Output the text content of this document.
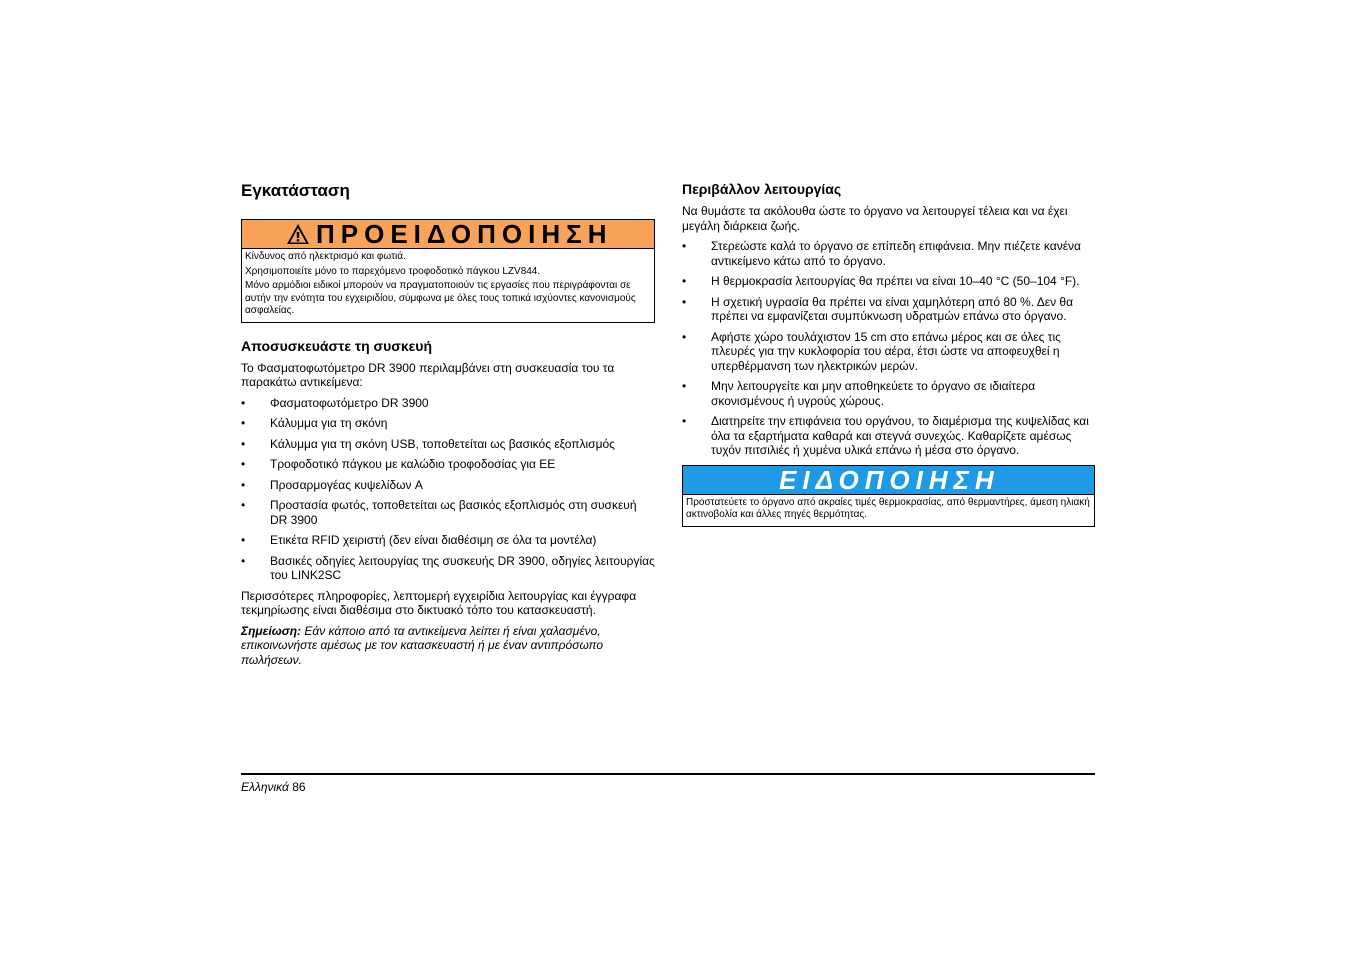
Εγκατάσταση
ΠΡΟΕΙΔΟΠΟΙΗΣΗ

Κίνδυνος από ηλεκτρισμό και φωτιά.

Χρησιμοποιείτε μόνο το παρεχόμενο τροφοδοτικό πάγκου LZV844.

Μόνο αρμόδιοι ειδικοί μπορούν να πραγματοποιούν τις εργασίες που περιγράφονται σε αυτήν την ενότητα του εγχειριδίου, σύμφωνα με όλες τους τοπικά ισχύοντες κανονισμούς ασφαλείας.

Αποσυσκευάστε τη συσκευή

Το Φασματοφωτόμετρο DR 3900 περιλαμβάνει στη συσκευασία του τα παρακάτω αντικείμενα:

• Φασματοφωτόμετρο DR 3900
• Κάλυμμα για τη σκόνη
• Κάλυμμα για τη σκόνη USB, τοποθετείται ως βασικός εξοπλισμός
• Τροφοδοτικό πάγκου με καλώδιο τροφοδοσίας για ΕΕ
• Προσαρμογέας κυψελίδων A
• Προστασία φωτός, τοποθετείται ως βασικός εξοπλισμός στη συσκευή DR 3900
• Ετικέτα RFID χειριστή (δεν είναι διαθέσιμη σε όλα τα μοντέλα)
• Βασικές οδηγίες λειτουργίας της συσκευής DR 3900, οδηγίες λειτουργίας του LINK2SC

Περισσότερες πληροφορίες, λεπτομερή εγχειρίδια λειτουργίας και έγγραφα τεκμηρίωσης είναι διαθέσιμα στο δικτυακό τόπο του κατασκευαστή.

Σημείωση: Εάν κάποιο από τα αντικείμενα λείπει ή είναι χαλασμένο, επικοινωνήστε αμέσως με τον κατασκευαστή ή με έναν αντιπρόσωπο πωλήσεων.

Περιβάλλον λειτουργίας

Να θυμάστε τα ακόλουθα ώστε το όργανο να λειτουργεί τέλεια και να έχει μεγάλη διάρκεια ζωής.

• Στερεώστε καλά το όργανο σε επίπεδη επιφάνεια. Μην πιέζετε κανένα αντικείμενο κάτω από το όργανο.
• Η θερμοκρασία λειτουργίας θα πρέπει να είναι 10–40 °C (50–104 °F).
• Η σχετική υγρασία θα πρέπει να είναι χαμηλότερη από 80 %. Δεν θα πρέπει να εμφανίζεται συμπύκνωση υδρατμών επάνω στο όργανο.
• Αφήστε χώρο τουλάχιστον 15 cm στο επάνω μέρος και σε όλες τις πλευρές για την κυκλοφορία του αέρα, έτσι ώστε να αποφευχθεί η υπερθέρμανση των ηλεκτρικών μερών.
• Μην λειτουργείτε και μην αποθηκεύετε το όργανο σε ιδιαίτερα σκονισμένους ή υγρούς χώρους.
• Διατηρείτε την επιφάνεια του οργάνου, το διαμέρισμα της κυψελίδας και όλα τα εξαρτήματα καθαρά και στεγνά συνεχώς. Καθαρίζετε αμέσως τυχόν πιτσιλιές ή χυμένα υλικά επάνω ή μέσα στο όργανο.
ΕΙΔΟΠΟΙΗΣΗ

Προστατεύετε το όργανο από ακραίες τιμές θερμοκρασίας, από θερμαντήρες, άμεση ηλιακή ακτινοβολία και άλλες πηγές θερμότητας.

Ελληνικά 86
